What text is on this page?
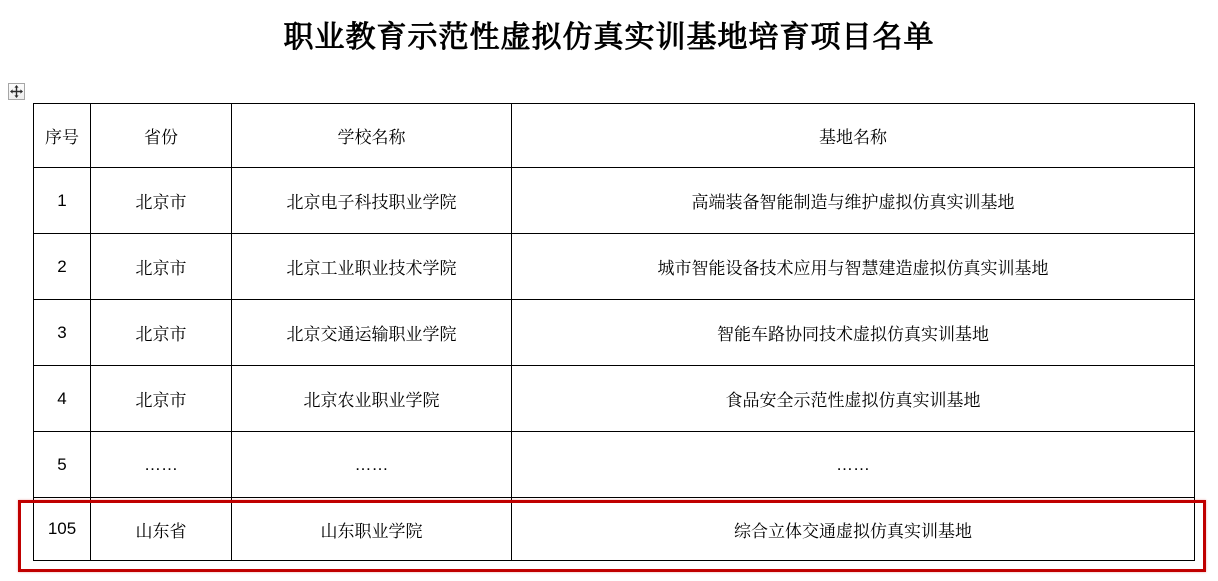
职业教育示范性虚拟仿真实训基地培育项目名单
序号	省份	学校名称	基地名称
1	北京市	北京电子科技职业学院	高端装备智能制造与维护虚拟仿真实训基地
2	北京市	北京工业职业技术学院	城市智能设备技术应用与智慧建造虚拟仿真实训基地
3	北京市	北京交通运输职业学院	智能车路协同技术虚拟仿真实训基地
4	北京市	北京农业职业学院	食品安全示范性虚拟仿真实训基地
5	……	……	……
105	山东省	山东职业学院	综合立体交通虚拟仿真实训基地
